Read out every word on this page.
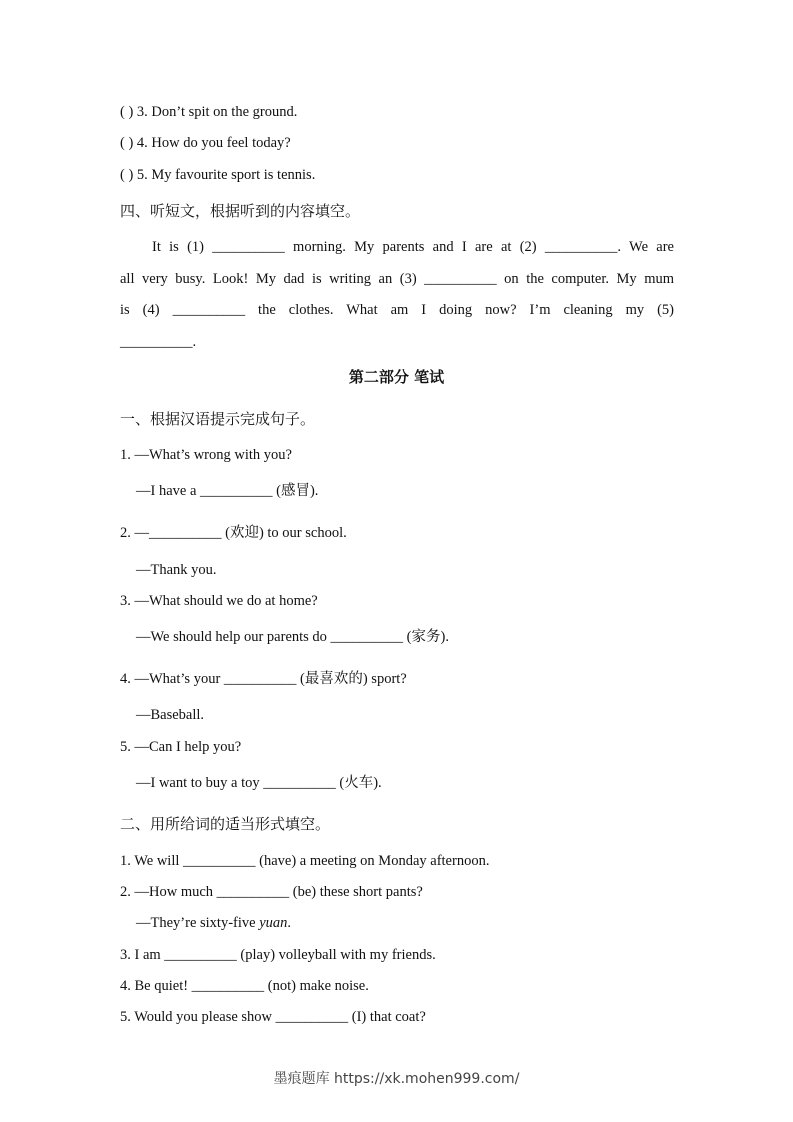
( ) 3. Don’t spit on the ground.
( ) 4. How do you feel today?
( ) 5. My favourite sport is tennis.
四、听短文，根据听到的内容填空。
It is (1) __________ morning. My parents and I are at (2) __________. We are
all very busy. Look! My dad is writing an (3) __________ on the computer. My mum
is (4) __________ the clothes. What am I doing now? I’m cleaning my (5)
__________.
第二部分 笔试
一、根据汉语提示完成句子。
1. —What’s wrong with you?
—I have a __________ (感冒).
2. —__________ (欢迎) to our school.
—Thank you.
3. —What should we do at home?
—We should help our parents do __________ (家务).
4. —What’s your __________ (最喜欢的) sport?
—Baseball.
5. —Can I help you?
—I want to buy a toy __________ (火车).
二、用所给词的适当形式填空。
1. We will __________ (have) a meeting on Monday afternoon.
2. —How much __________ (be) these short pants?
—They’re sixty-five yuan.
3. I am __________ (play) volleyball with my friends.
4. Be quiet! __________ (not) make noise.
5. Would you please show __________ (I) that coat?
墨痕题库 https://xk.mohen999.com/
